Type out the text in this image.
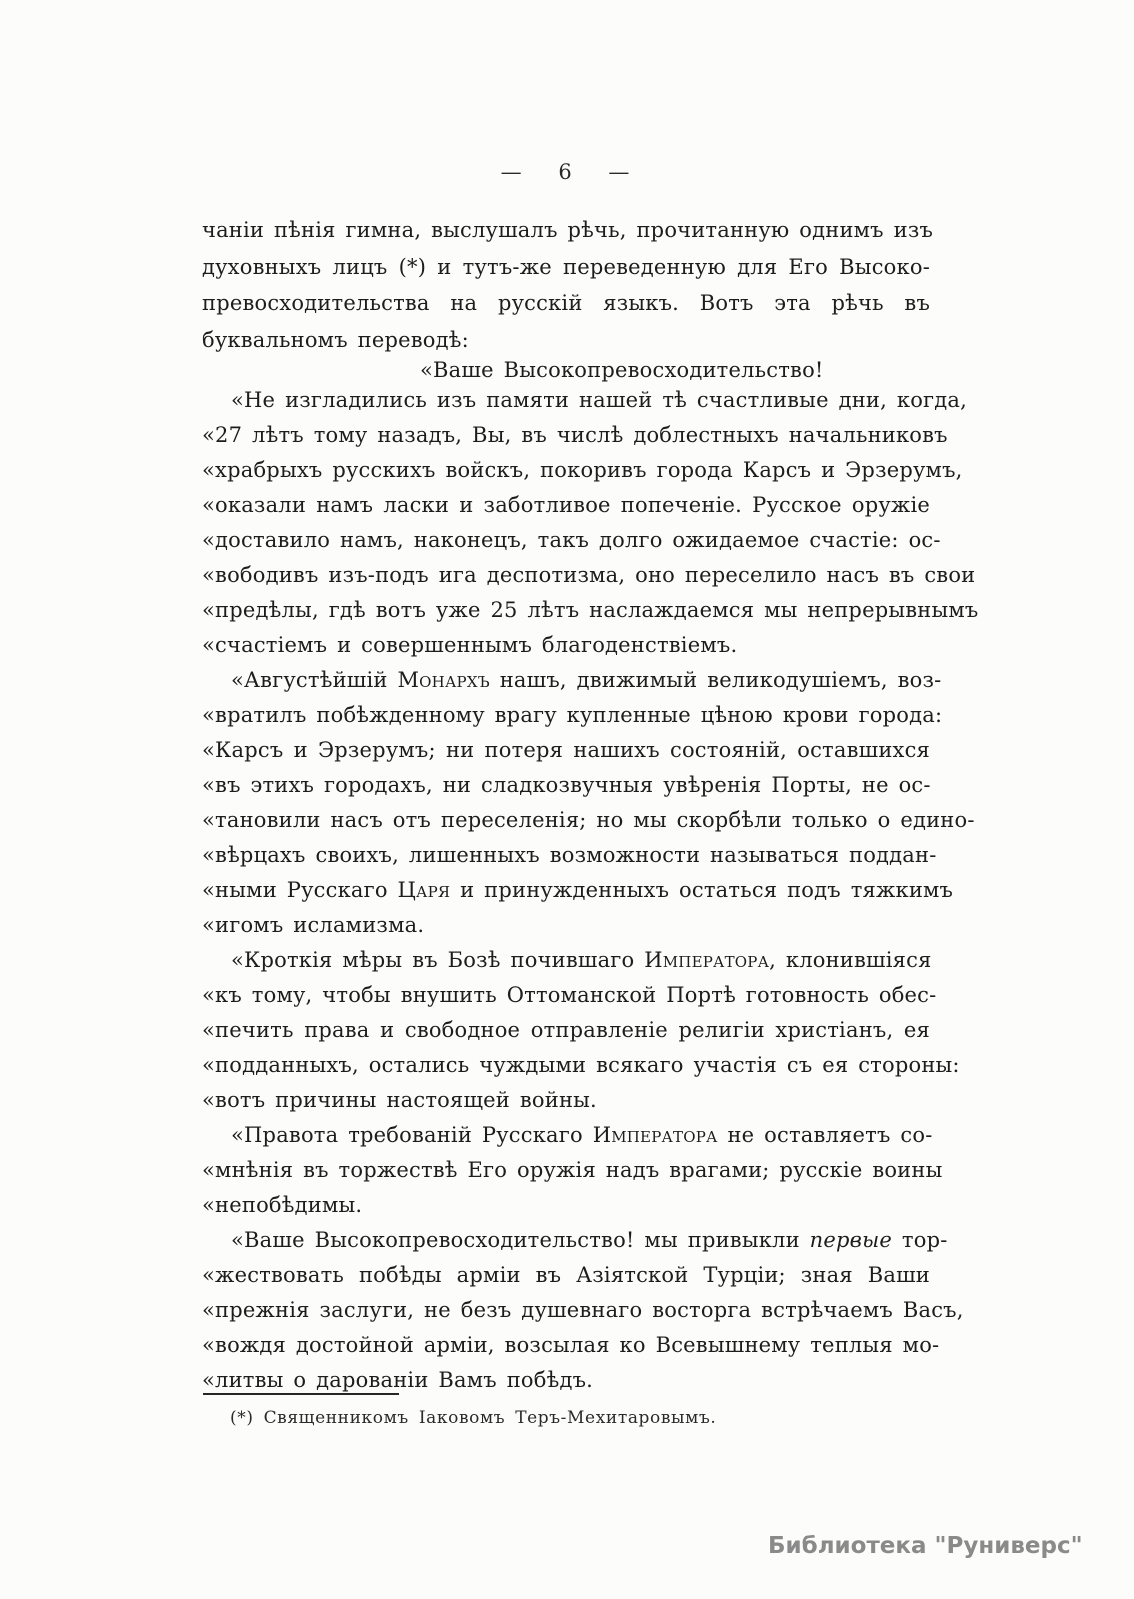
— 6 —
чаніи пѣнія гимна, выслушалъ рѣчь, прочитанную однимъ изъ
духовныхъ лицъ (*) и тутъ-же переведенную для Его Высоко-
превосходительства на русскій языкъ. Вотъ эта рѣчь въ
буквальномъ переводѣ:
«Ваше Высокопревосходительство!
«Не изгладились изъ памяти нашей тѣ счастливые дни, когда,
«27 лѣтъ тому назадъ, Вы, въ числѣ доблестныхъ начальниковъ
«храбрыхъ русскихъ войскъ, покоривъ города Карсъ и Эрзерумъ,
«оказали намъ ласки и заботливое попеченіе. Русское оружіе
«доставило намъ, наконецъ, такъ долго ожидаемое счастіе: ос-
«вободивъ изъ-подъ ига деспотизма, оно переселило насъ въ свои
«предѣлы, гдѣ вотъ уже 25 лѣтъ наслаждаемся мы непрерывнымъ
«счастіемъ и совершеннымъ благоденствіемъ.
«Августѣйшій Монархъ нашъ, движимый великодушіемъ, воз-
«вратилъ побѣжденному врагу купленные цѣною крови города:
«Карсъ и Эрзерумъ; ни потеря нашихъ состояній, оставшихся
«въ этихъ городахъ, ни сладкозвучныя увѣренія Порты, не ос-
«тановили насъ отъ переселенія; но мы скорбѣли только о едино-
«вѣрцахъ своихъ, лишенныхъ возможности называться поддан-
«ными Русскаго Царя и принужденныхъ остаться подъ тяжкимъ
«игомъ исламизма.
«Кроткія мѣры въ Бозѣ почившаго Императора, клонившіяся
«къ тому, чтобы внушить Оттоманской Портѣ готовность обес-
«печить права и свободное отправленіе религіи христіанъ, ея
«подданныхъ, остались чуждыми всякаго участія съ ея стороны:
«вотъ причины настоящей войны.
«Правота требованій Русскаго Императора не оставляетъ со-
«мнѣнія въ торжествѣ Его оружія надъ врагами; русскіе воины
«непобѣдимы.
«Ваше Высокопревосходительство! мы привыкли первые тор-
«жествовать побѣды арміи въ Азіятской Турціи; зная Ваши
«прежнія заслуги, не безъ душевнаго восторга встрѣчаемъ Васъ,
«вождя достойной арміи, возсылая ко Всевышнему теплыя мо-
«литвы о дарованіи Вамъ побѣдъ.
(*) Священникомъ Іаковомъ Теръ-Мехитаровымъ.
Библиотека "Руниверс"
